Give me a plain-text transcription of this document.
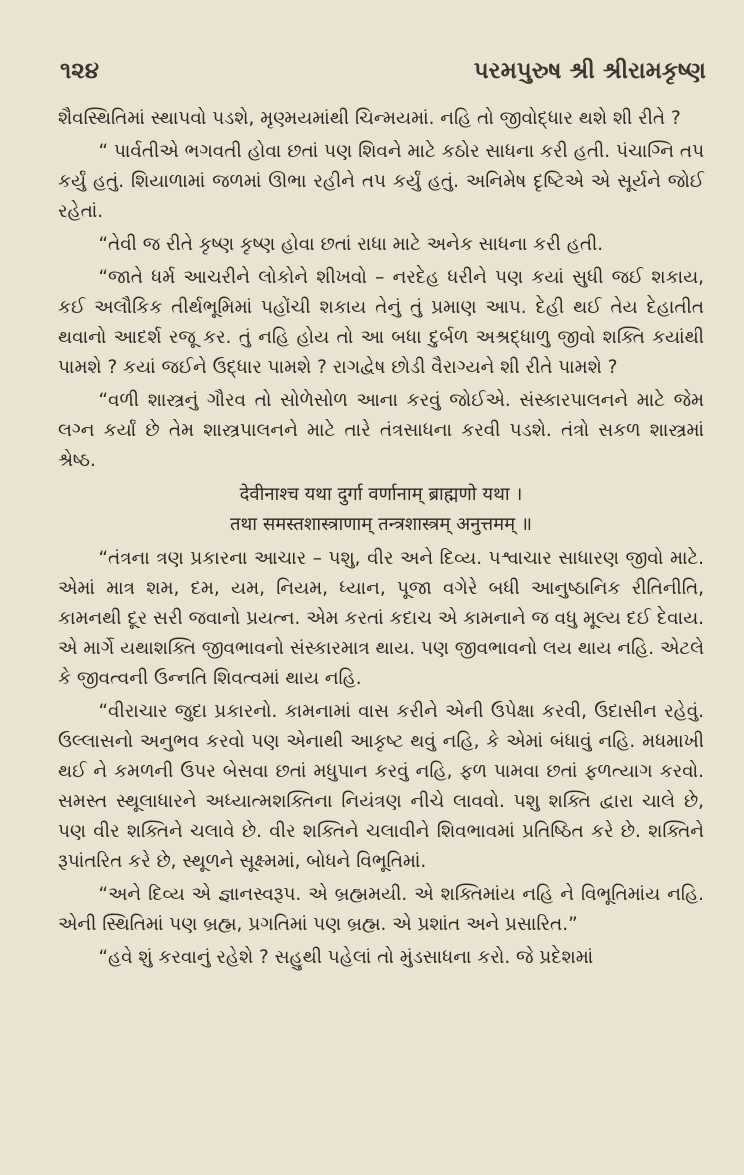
૧૨૪	પરમપુરુષ શ્રી શ્રીરામકૃષ્ણ

શૈવસ્થિતિમાં સ્થાપવો પડશે, મૃણ્મયમાંથી ચિન્મયમાં. નહિ તો જીવોદ્ધાર થશે શી રીતે ?

“ પાર્વતીએ ભગવતી હોવા છતાં પણ શિવને માટે કઠોર સાધના કરી હતી. પંચાગ્નિ તપ કર્યું હતું. શિયાળામાં જળમાં ઊભા રહીને તપ કર્યું હતું. અનિમેષ દૃષ્ટિએ એ સૂર્યને જોઈ રહેતાં.

“તેવી જ રીતે કૃષ્ણ કૃષ્ણ હોવા છતાં રાધા માટે અનેક સાધના કરી હતી.

“જાતે ધર્મ આચરીને લોકોને શીખવો – નરદેહ ધરીને પણ કયાં સુધી જઈ શકાય, કઈ અલૌકિક તીર્થભૂમિમાં પહોંચી શકાય તેનું તું પ્રમાણ આપ. દેહી થઈ તેય દેહાતીત થવાનો આદર્શ રજૂ કર. તું નહિ હોય તો આ બધા દુર્બળ અશ્રદ્ધાળુ જીવો શક્તિ કયાંથી પામશે ? કયાં જઈને ઉદ્ધાર પામશે ? રાગદ્વેષ છોડી વૈરાગ્યને શી રીતે પામશે ?

“વળી શાસ્ત્રનું ગૌરવ તો સોળેસોળ આના કરવું જોઈએ. સંસ્કારપાલનને માટે જેમ લગ્ન કર્યાં છે તેમ શાસ્ત્રપાલનને માટે તારે તંત્રસાધના કરવી પડશે. તંત્રો સકળ શાસ્ત્રમાં શ્રેષ્ઠ.

देवीनाश्च यथा दुर्गा वर्णानाम् ब्राह्मणो यथा ।
तथा समस्तशास्त्राणाम् तन्त्रशास्त्रम् अनुत्तमम् ॥

“તંત્રના ત્રણ પ્રકારના આચાર – પશુ, વીર અને દિવ્ય. પશ્વાચાર સાધારણ જીવો માટે. એમાં માત્ર શમ, દમ, યમ, નિયમ, ધ્યાન, પૂજા વગેરે બધી આનુષ્ઠાનિક રીતિનીતિ, કામનથી દૂર સરી જવાનો પ્રયત્ન. એમ કરતાં કદાચ એ કામનાને જ વધુ મૂલ્ય દઈ દેવાય. એ માર્ગે યથાશક્તિ જીવભાવનો સંસ્કારમાત્ર થાય. પણ જીવભાવનો લય થાય નહિ. એટલે કે જીવત્વની ઉન્નતિ શિવત્વમાં થાય નહિ.

“વીરાચાર જુદા પ્રકારનો. કામનામાં વાસ કરીને એની ઉપેક્ષા કરવી, ઉદાસીન રહેવું. ઉલ્લાસનો અનુભવ કરવો પણ એનાથી આકૃષ્ટ થવું નહિ, કે એમાં બંધાવું નહિ. મધમાખી થઈ ને કમળની ઉપર બેસવા છતાં મધુપાન કરવું નહિ, ફળ પામવા છતાં ફળત્યાગ કરવો. સમસ્ત સ્થૂલાધારને અધ્યાત્મશક્તિના નિયંત્રણ નીચે લાવવો. પશુ શક્તિ દ્વારા ચાલે છે, પણ વીર શક્તિને ચલાવે છે. વીર શક્તિને ચલાવીને શિવભાવમાં પ્રતિષ્ઠિત કરે છે. શક્તિને રૂપાંતરિત કરે છે, સ્થૂળને સૂક્ષ્મમાં, બોધને વિભૂતિમાં.

“અને દિવ્ય એ જ્ઞાનસ્વરૂપ. એ બ્રહ્મમયી. એ શક્તિમાંય નહિ ને વિભૂતિમાંય નહિ. એની સ્થિતિમાં પણ બ્રહ્મ, પ્રગતિમાં પણ બ્રહ્મ. એ પ્રશાંત અને પ્રસારિત.”

“હવે શું કરવાનું રહેશે ? સહુથી પહેલાં તો મુંડસાધના કરો. જે પ્રદેશમાં
